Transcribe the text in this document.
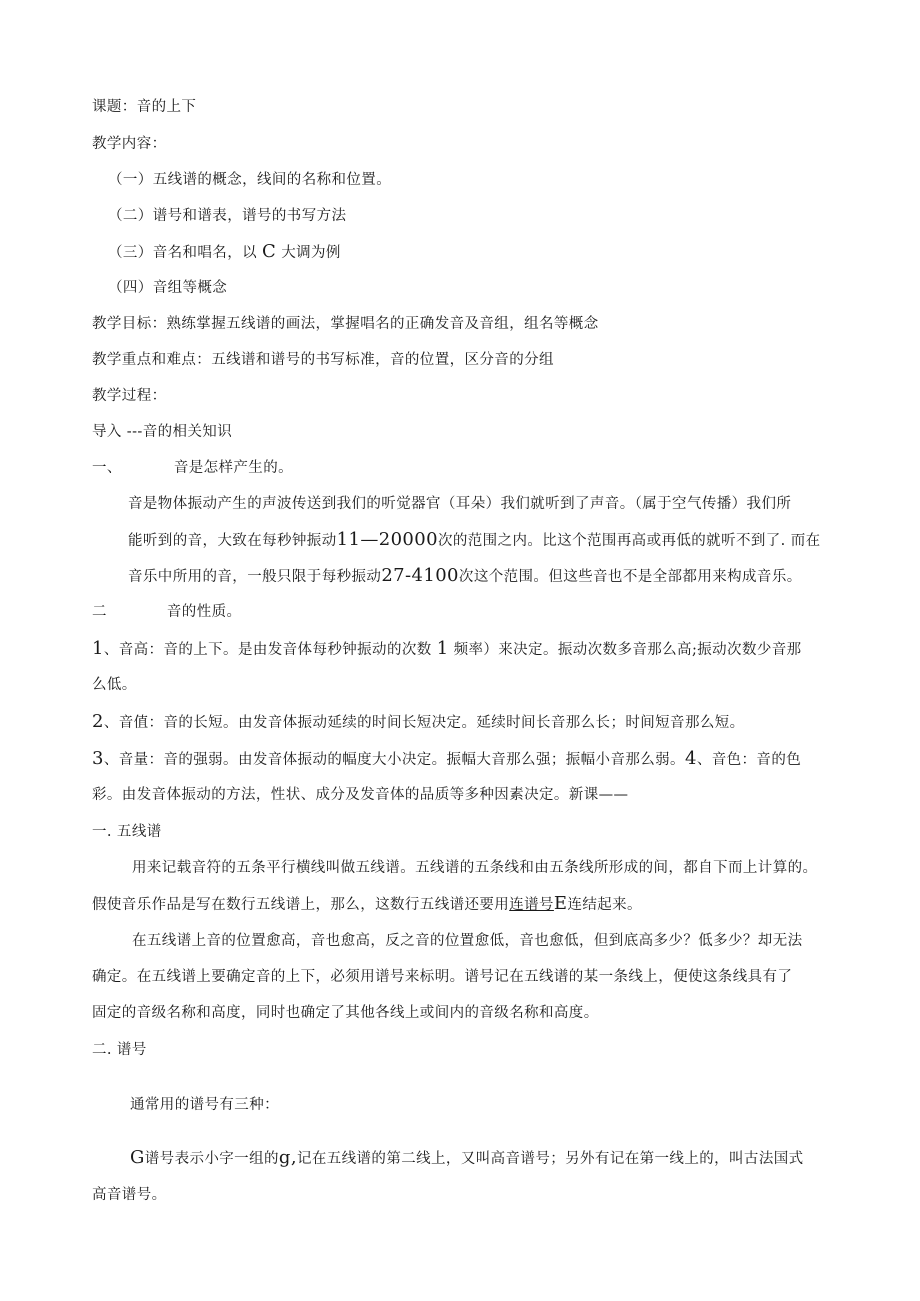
课题：音的上下
教学内容：
（一）五线谱的概念，线间的名称和位置。
（二）谱号和谱表，谱号的书写方法
（三）音名和唱名，以 C 大调为例
（四）音组等概念
教学目标：熟练掌握五线谱的画法，掌握唱名的正确发音及音组，组名等概念
教学重点和难点：五线谱和谱号的书写标准，音的位置，区分音的分组
教学过程：
导入 ---音的相关知识
一、	音是怎样产生的。
音是物体振动产生的声波传送到我们的听觉器官（耳朵）我们就听到了声音。（属于空气传播）我们所
能听到的音，大致在每秒钟振动11—20000次的范围之内。比这个范围再高或再低的就听不到了. 而在
音乐中所用的音，一般只限于每秒振动27-4100次这个范围。但这些音也不是全部都用来构成音乐。
二	音的性质。
1、音高：音的上下。是由发音体每秒钟振动的次数 1 频率）来决定。振动次数多音那么高;振动次数少音那
么低。
2、音值：音的长短。由发音体振动延续的时间长短决定。延续时间长音那么长；时间短音那么短。
3、音量：音的强弱。由发音体振动的幅度大小决定。振幅大音那么强；振幅小音那么弱。4、音色：音的色
彩。由发音体振动的方法，性状、成分及发音体的品质等多种因素决定。新课——
一. 五线谱
用来记载音符的五条平行横线叫做五线谱。五线谱的五条线和由五条线所形成的间，都自下而上计算的。
假使音乐作品是写在数行五线谱上，那么，这数行五线谱还要用连谱号E连结起来。
在五线谱上音的位置愈高，音也愈高，反之音的位置愈低，音也愈低，但到底高多少？低多少？却无法
确定。在五线谱上要确定音的上下，必须用谱号来标明。谱号记在五线谱的某一条线上，便使这条线具有了
固定的音级名称和高度，同时也确定了其他各线上或间内的音级名称和高度。
二. 谱号
通常用的谱号有三种：
G谱号表示小字一组的g,记在五线谱的第二线上，又叫高音谱号；另外有记在第一线上的，叫古法国式
高音谱号。
